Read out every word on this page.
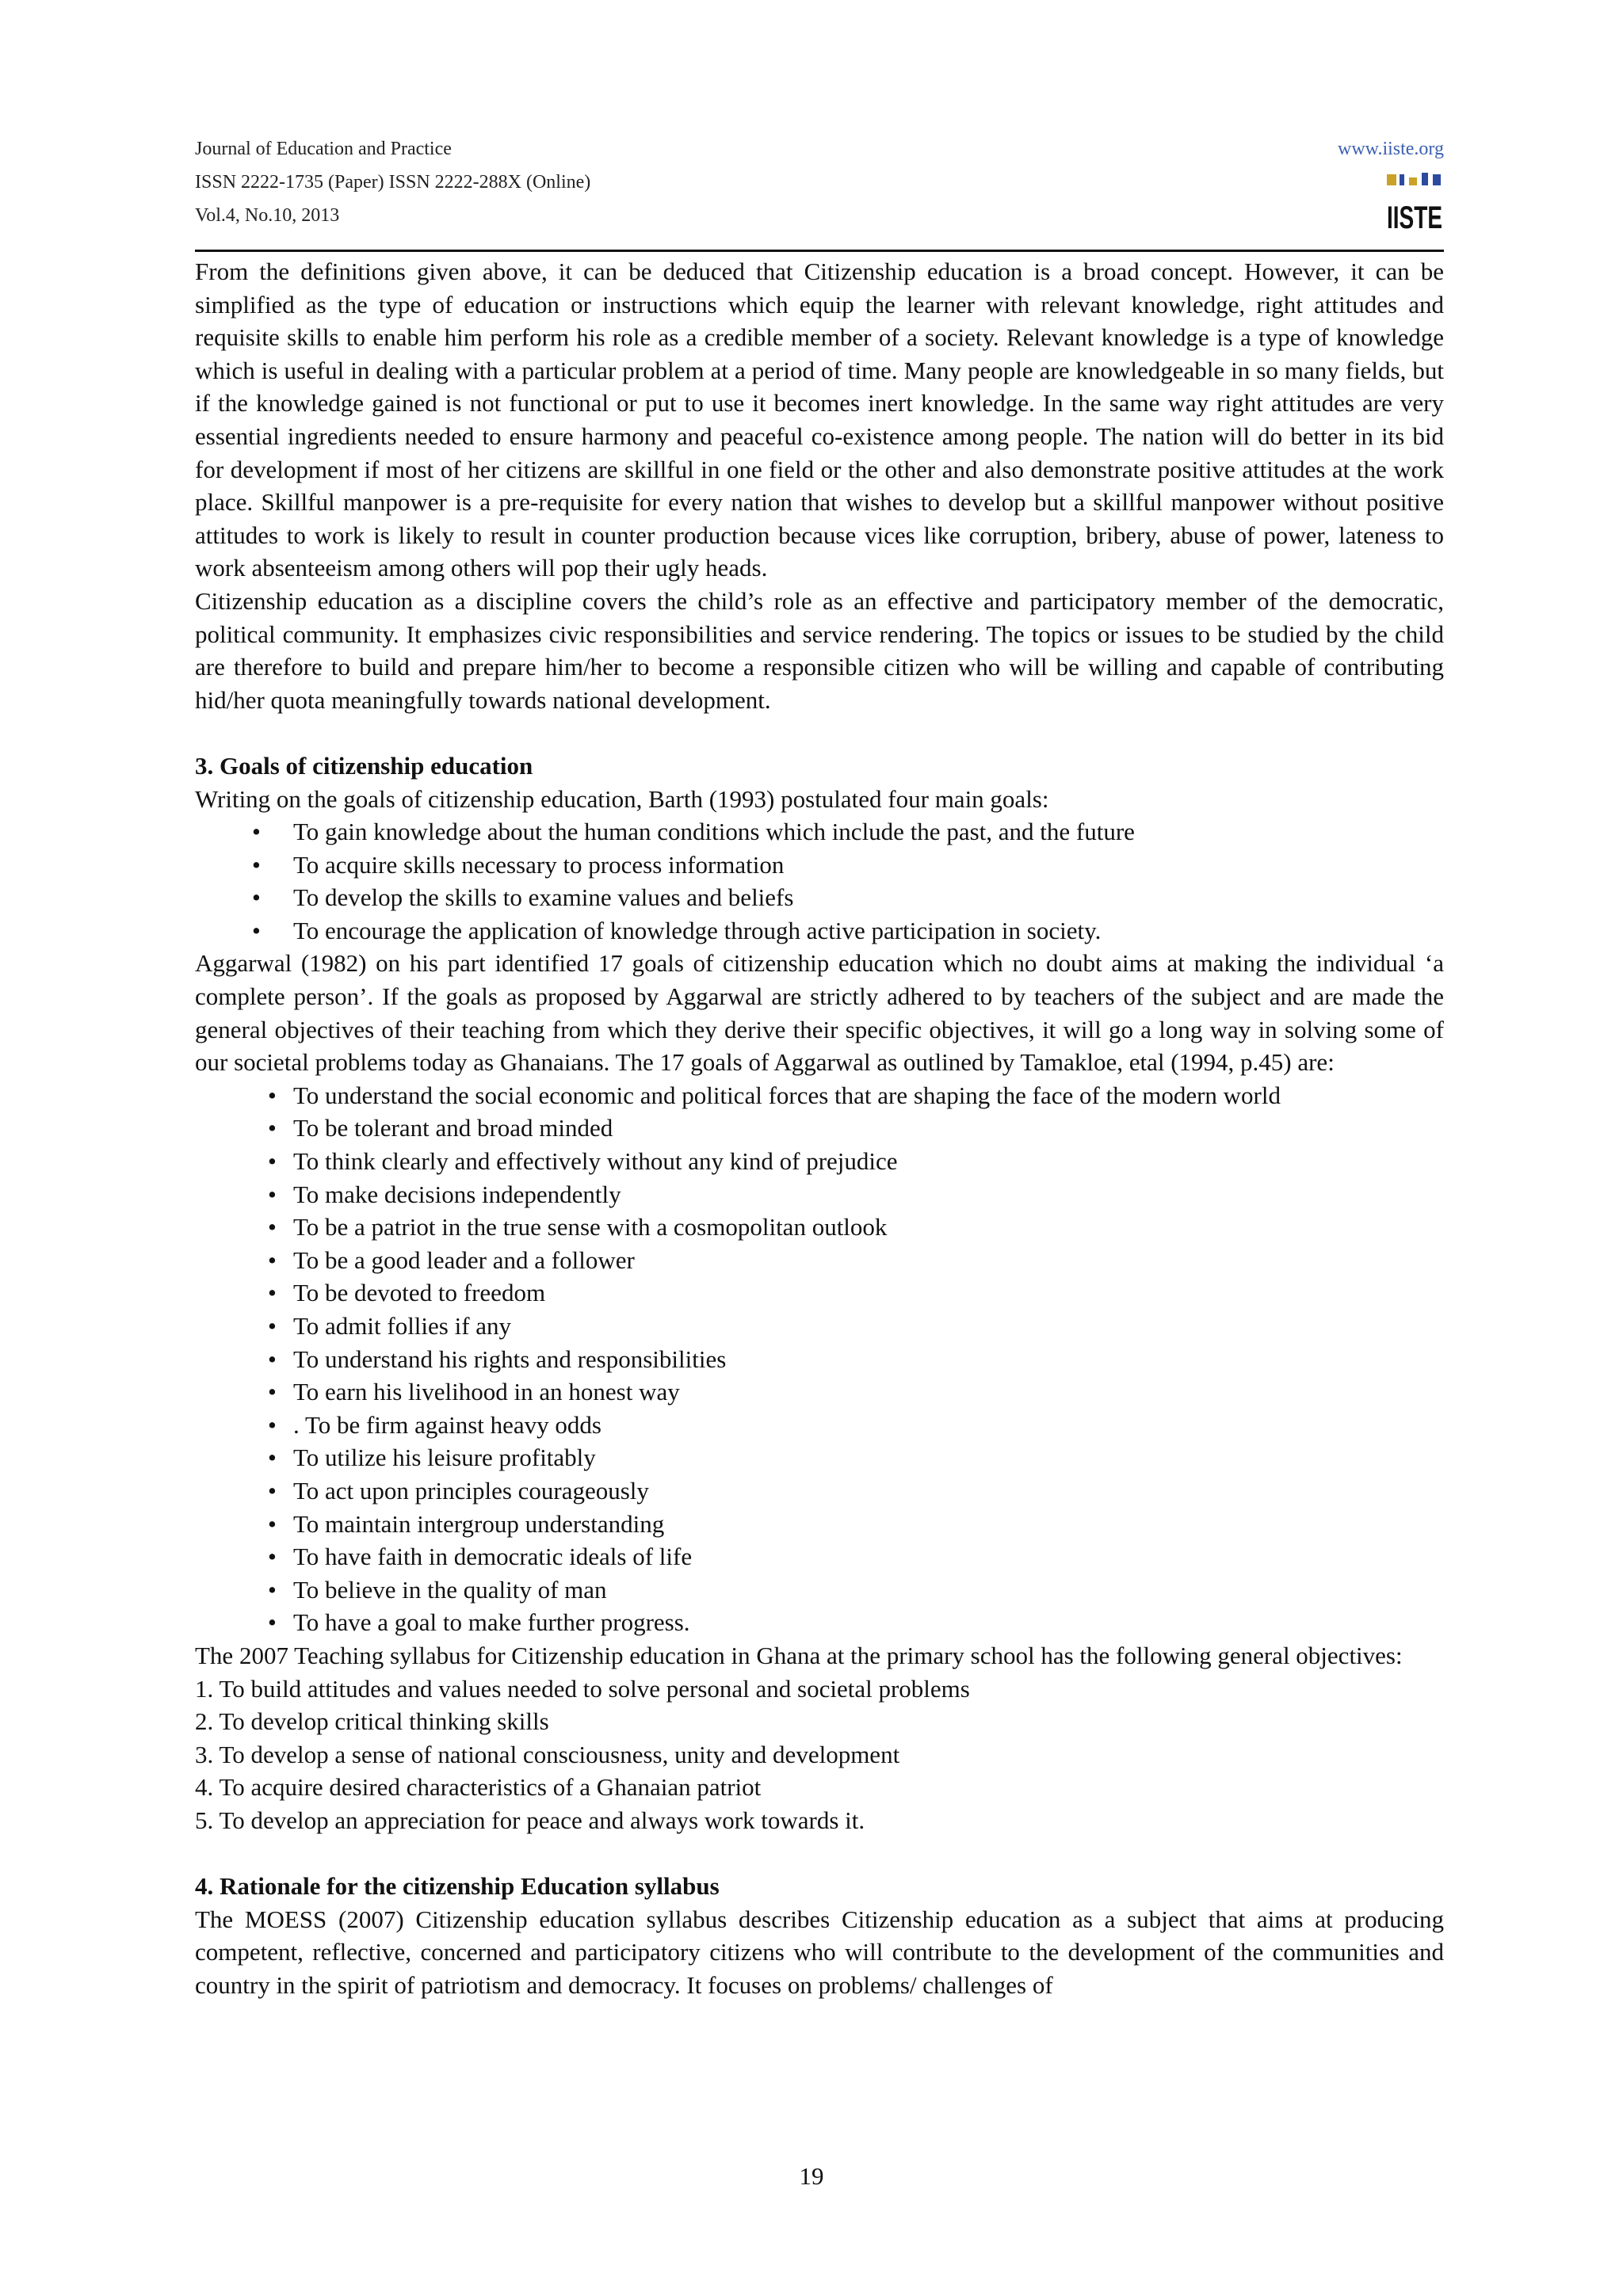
Journal of Education and Practice
ISSN 2222-1735 (Paper) ISSN 2222-288X (Online)
Vol.4, No.10, 2013
www.iiste.org
IISTE

From the definitions given above, it can be deduced that Citizenship education is a broad concept. However, it can be simplified as the type of education or instructions which equip the learner with relevant knowledge, right attitudes and requisite skills to enable him perform his role as a credible member of a society. Relevant knowledge is a type of knowledge which is useful in dealing with a particular problem at a period of time. Many people are knowledgeable in so many fields, but if the knowledge gained is not functional or put to use it becomes inert knowledge. In the same way right attitudes are very essential ingredients needed to ensure harmony and peaceful co-existence among people. The nation will do better in its bid for development if most of her citizens are skillful in one field or the other and also demonstrate positive attitudes at the work place. Skillful manpower is a pre-requisite for every nation that wishes to develop but a skillful manpower without positive attitudes to work is likely to result in counter production because vices like corruption, bribery, abuse of power, lateness to work absenteeism among others will pop their ugly heads.

Citizenship education as a discipline covers the child’s role as an effective and participatory member of the democratic, political community. It emphasizes civic responsibilities and service rendering. The topics or issues to be studied by the child are therefore to build and prepare him/her to become a responsible citizen who will be willing and capable of contributing hid/her quota meaningfully towards national development.

3. Goals of citizenship education

Writing on the goals of citizenship education, Barth (1993) postulated four main goals:

• To gain knowledge about the human conditions which include the past, and the future
• To acquire skills necessary to process information
• To develop the skills to examine values and beliefs
• To encourage the application of knowledge through active participation in society.

Aggarwal (1982) on his part identified 17 goals of citizenship education which no doubt aims at making the individual ‘a complete person’. If the goals as proposed by Aggarwal are strictly adhered to by teachers of the subject and are made the general objectives of their teaching from which they derive their specific objectives, it will go a long way in solving some of our societal problems today as Ghanaians. The 17 goals of Aggarwal as outlined by Tamakloe, etal (1994, p.45) are:

• To understand the social economic and political forces that are shaping the face of the modern world
• To be tolerant and broad minded
• To think clearly and effectively without any kind of prejudice
• To make decisions independently
• To be a patriot in the true sense with a cosmopolitan outlook
• To be a good leader and a follower
• To be devoted to freedom
• To admit follies if any
• To understand his rights and responsibilities
• To earn his livelihood in an honest way
• . To be firm against heavy odds
• To utilize his leisure profitably
• To act upon principles courageously
• To maintain intergroup understanding
• To have faith in democratic ideals of life
• To believe in the quality of man
• To have a goal to make further progress.

The 2007 Teaching syllabus for Citizenship education in Ghana at the primary school has the following general objectives:

1. To build attitudes and values needed to solve personal and societal problems
2. To develop critical thinking skills
3. To develop a sense of national consciousness, unity and development
4. To acquire desired characteristics of a Ghanaian patriot
5. To develop an appreciation for peace and always work towards it.
4. Rationale for the citizenship Education syllabus

The MOESS (2007) Citizenship education syllabus describes Citizenship education as a subject that aims at producing competent, reflective, concerned and participatory citizens who will contribute to the development of the communities and country in the spirit of patriotism and democracy. It focuses on problems/ challenges of

19
